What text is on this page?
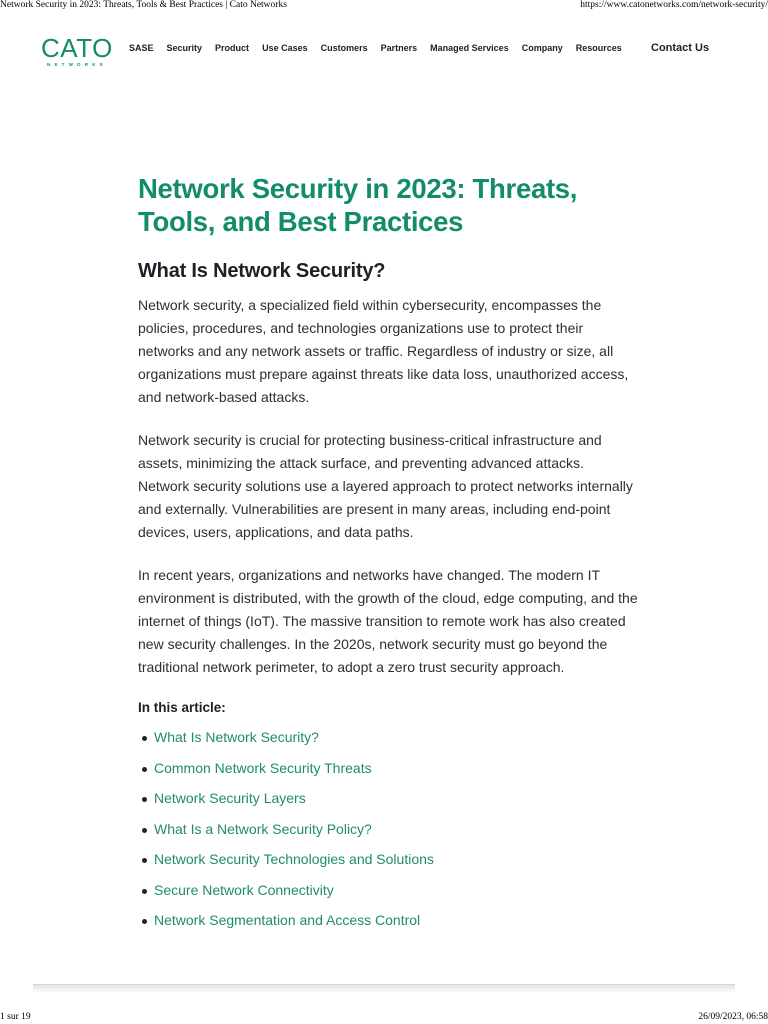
Network Security in 2023: Threats, Tools & Best Practices | Cato Networks	https://www.catonetworks.com/network-security/
CATO
NETWORKS
SASE Security Product Use Cases Customers Partners Managed Services Company Resources	Contact Us
Network Security in 2023: Threats, Tools, and Best Practices
What Is Network Security?

Network security, a specialized field within cybersecurity, encompasses the policies, procedures, and technologies organizations use to protect their networks and any network assets or traffic. Regardless of industry or size, all organizations must prepare against threats like data loss, unauthorized access, and network-based attacks.

Network security is crucial for protecting business-critical infrastructure and assets, minimizing the attack surface, and preventing advanced attacks. Network security solutions use a layered approach to protect networks internally and externally. Vulnerabilities are present in many areas, including end-point devices, users, applications, and data paths.

In recent years, organizations and networks have changed. The modern IT environment is distributed, with the growth of the cloud, edge computing, and the internet of things (IoT). The massive transition to remote work has also created new security challenges. In the 2020s, network security must go beyond the traditional network perimeter, to adopt a zero trust security approach.

In this article:
What Is Network Security?
Common Network Security Threats
Network Security Layers
What Is a Network Security Policy?
Network Security Technologies and Solutions
Secure Network Connectivity
Network Segmentation and Access Control
1 sur 19	26/09/2023, 06:58
